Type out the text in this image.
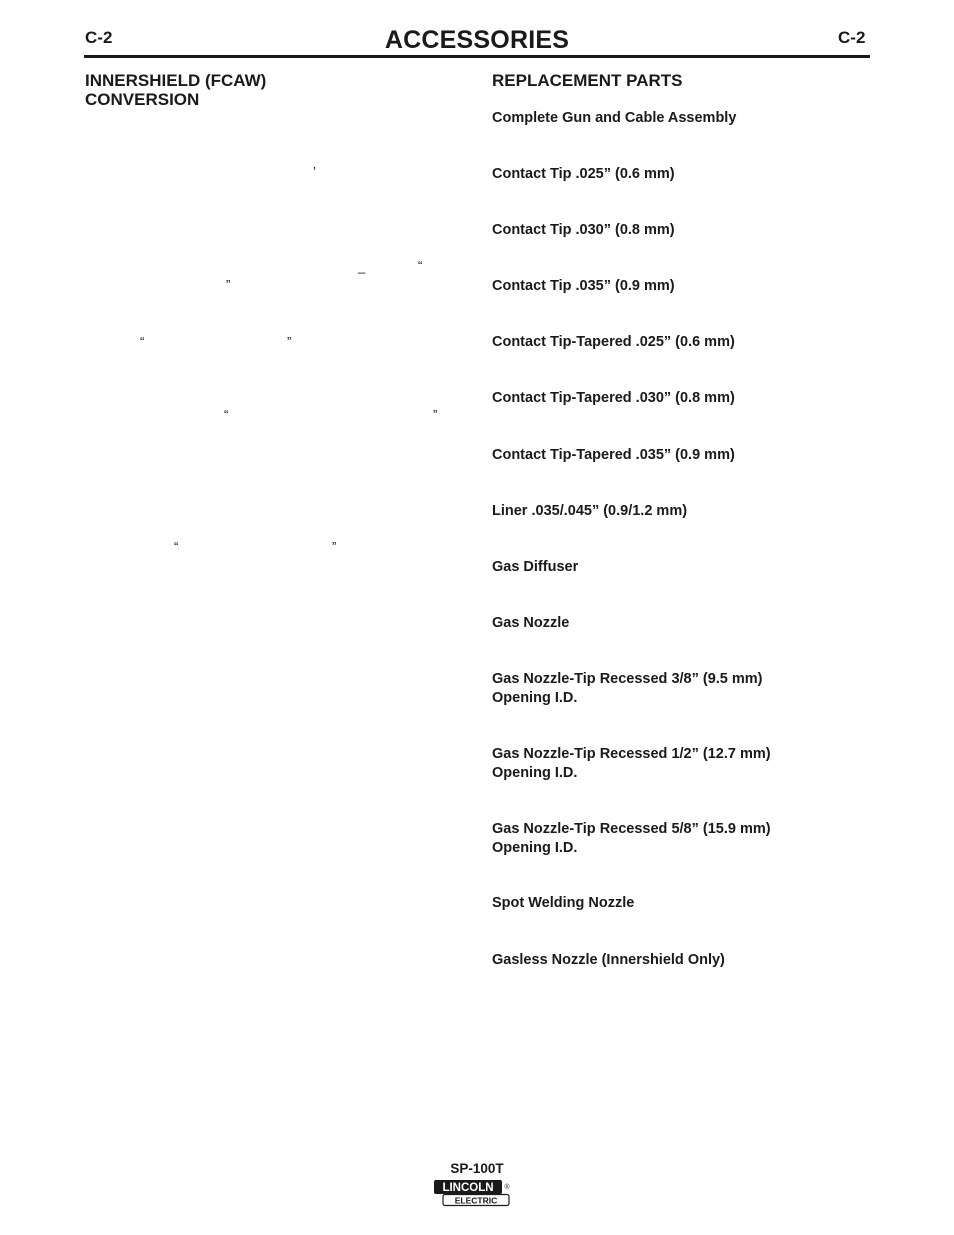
C-2	ACCESSORIES	C-2
INNERSHIELD (FCAW)
CONVERSION
’
_	“
”
“	”
“	”
“	”
REPLACEMENT PARTS
Complete Gun and Cable Assembly
Contact Tip .025” (0.6 mm)
Contact Tip .030” (0.8 mm)
Contact Tip .035” (0.9 mm)
Contact Tip-Tapered .025” (0.6 mm)
Contact Tip-Tapered .030” (0.8 mm)
Contact Tip-Tapered .035” (0.9 mm)
Liner .035/.045” (0.9/1.2 mm)
Gas Diffuser
Gas Nozzle
Gas Nozzle-Tip Recessed 3/8” (9.5 mm)
Opening I.D.
Gas Nozzle-Tip Recessed 1/2” (12.7 mm)
Opening I.D.
Gas Nozzle-Tip Recessed 5/8” (15.9 mm)
Opening I.D.
Spot Welding Nozzle
Gasless Nozzle (Innershield Only)
SP-100T
LINCOLN
ELECTRIC
®
